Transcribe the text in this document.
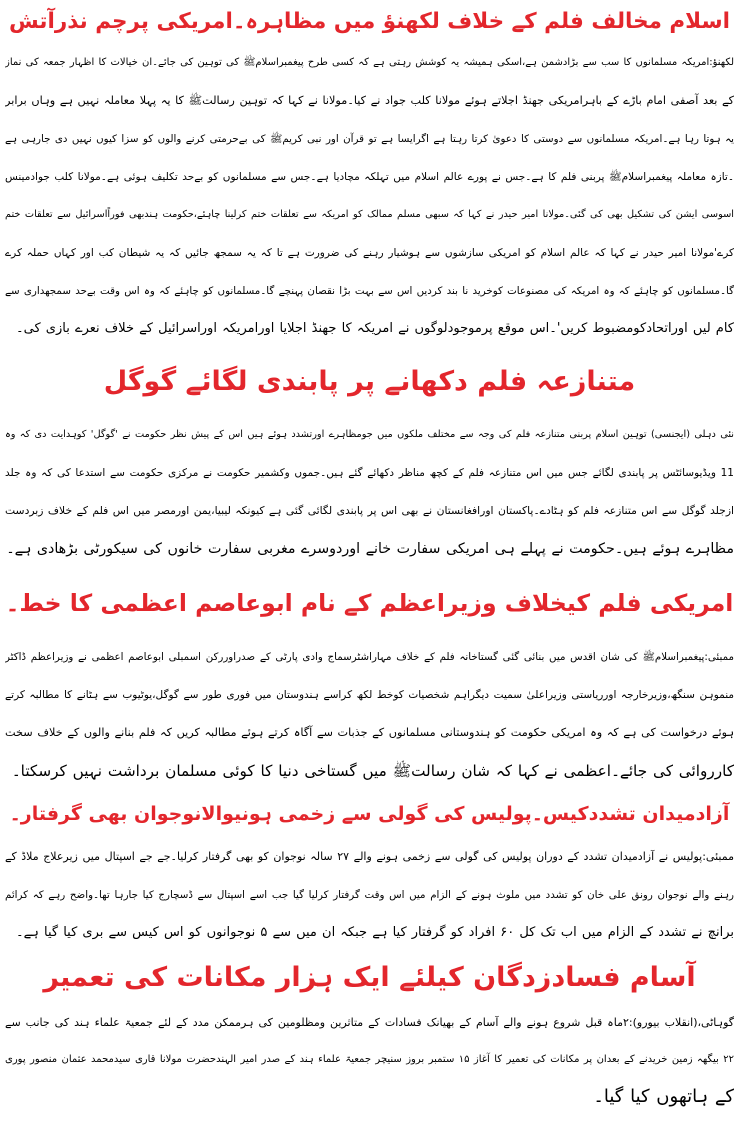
اسلام مخالف فلم کے خلاف لکھنؤ میں مظاہرہ۔امریکی پرچم نذرآتش
لکھنؤ:امریکہ مسلمانوں کا سب سے بڑادشمن ہے،اسکی ہمیشہ یہ کوشش رہتی ہے کہ کسی طرح پیغمبراسلامﷺ کی توہین کی جائے۔ان خیالات کا اظہار جمعہ کی نماز
کے بعد آصفی امام باڑے کے باہرامریکی جھنڈ اجلاتے ہوئے مولانا کلب جواد نے کیا۔مولانا نے کہا کہ توہین رسالتﷺ کا یہ پہلا معاملہ نہیں ہے وہاں برابر
یہ ہوتا رہا ہے۔امریکہ مسلمانوں سے دوستی کا دعویٰ کرتا رہتا ہے اگرایسا ہے تو قرآن اور نبی کریمﷺ کی بےحرمتی کرنے والوں کو سزا کیوں نہیں دی جارہی ہے
۔تازہ معاملہ پیغمبراسلامﷺ پربنی فلم کا ہے۔جس نے پورے عالم اسلام میں تہلکہ مچادیا ہے۔جس سے مسلمانوں کو بےحد تکلیف ہوئی ہے۔مولانا کلب جوادمینس
اسوسی ایشن کی تشکیل بھی کی گئی۔مولانا امیر حیدر نے کہا کہ سبھی مسلم ممالک کو امریکہ سے تعلقات ختم کرلینا چاہئے،حکومت ہندبھی فوراًاسرائیل سے تعلقات ختم
کرے'مولانا امیر حیدر نے کہا کہ عالم اسلام کو امریکی سازشوں سے ہوشیار رہنے کی ضرورت ہے تا کہ یہ سمجھ جائیں کہ یہ شیطان کب اور کہاں حملہ کرے
گا۔مسلمانوں کو چاہئے کہ وہ امریکہ کی مصنوعات کوخرید نا بند کردیں اس سے بہت بڑا نقصان پہنچے گا۔مسلمانوں کو چاہئے کہ وہ اس وقت بےحد سمجھداری سے
کام لیں اوراتحادکومضبوط کریں'۔اس موقع پرموجودلوگوں نے امریکہ کا جھنڈ اجلایا اورامریکہ اوراسرائیل کے خلاف نعرے بازی کی۔
متنازعہ فلم دکھانے پر پابندی لگائے گوگل
نئی دہلی (ایجنسی) توہین اسلام پربنی متنازعہ فلم کی وجہ سے مختلف ملکوں میں جومظاہرے اورتشدد ہوئے ہیں اس کے پیش نظر حکومت نے 'گوگل' کوہدایت دی کہ وہ
11 ویڈیوسائٹس پر پابندی لگائے جس میں اس متنازعہ فلم کے کچھ مناظر دکھائے گئے ہیں۔جموں وکشمیر حکومت نے مرکزی حکومت سے استدعا کی کہ وہ جلد
ازجلد گوگل سے اس متنازعہ فلم کو ہٹادے۔پاکستان اورافغانستان نے بھی اس پر پابندی لگائی گئی ہے کیونکہ لیبیا،یمن اورمصر میں اس فلم کے خلاف زبردست
مظاہرے ہوئے ہیں۔حکومت نے پہلے ہی امریکی سفارت خانے اوردوسرے مغربی سفارت خانوں کی سیکورٹی بڑھادی ہے۔
امریکی فلم کیخلاف وزیراعظم کے نام ابوعاصم اعظمی کا خط۔
ممبئی:پیغمبراسلامﷺ کی شان اقدس میں بنائی گئی گستاخانہ فلم کے خلاف مہاراشٹرسماج وادی پارٹی کے صدراوررکن اسمبلی ابوعاصم اعظمی نے وزیراعظم ڈاکٹر
منموہن سنگھ،وزیرخارجہ اورریاستی وزیراعلیٰ سمیت دیگراہم شخصیات کوخط لکھ کراسے ہندوستان میں فوری طور سے گوگل،یوٹیوب سے ہٹانے کا مطالبہ کرتے
ہوئے درخواست کی ہے کہ وہ امریکی حکومت کو ہندوستانی مسلمانوں کے جذبات سے آگاہ کرتے ہوئے مطالبہ کریں کہ فلم بنانے والوں کے خلاف سخت
کارروائی کی جائے۔اعظمی نے کہا کہ شان رسالتﷺ میں گستاخی دنیا کا کوئی مسلمان برداشت نہیں کرسکتا۔
آزادمیدان تشددکیس۔پولیس کی گولی سے زخمی ہونیوالانوجوان بھی گرفتار۔
ممبئی:پولیس نے آزادمیدان تشدد کے دوران پولیس کی گولی سے زخمی ہونے والے ۲۷ سالہ نوجوان کو بھی گرفتار کرلیا۔جے جے اسپتال میں زیرعلاج ملاڈ کے
رہنے والے نوجوان رونق علی خان کو تشدد میں ملوث ہونے کے الزام میں اس وقت گرفتار کرلیا گیا جب اسے اسپتال سے ڈسچارج کیا جارہا تھا۔واضح رہے کہ کرائم
برانچ نے تشدد کے الزام میں اب تک کل ۶۰ افراد کو گرفتار کیا ہے جبکہ ان میں سے ۵ نوجوانوں کو اس کیس سے بری کیا گیا ہے۔
آسام فسادزدگان کیلئے ایک ہزار مکانات کی تعمیر
گوہاٹی،(انقلاب بیورو):۲ماہ قبل شروع ہونے والے آسام کے بھیانک فسادات کے متاثرین ومظلومین کی ہرممکن مدد کے لئے جمعیۃ علماء ہند کی جانب سے
۲۲ بیگھہ زمین خریدنے کے بعدان پر مکانات کی تعمیر کا آغاز ۱۵ ستمبر بروز سنیچر جمعیۃ علماء ہند کے صدر امیر الہندحضرت مولانا قاری سیدمحمد عثمان منصور پوری
کے ہاتھوں کیا گیا۔
